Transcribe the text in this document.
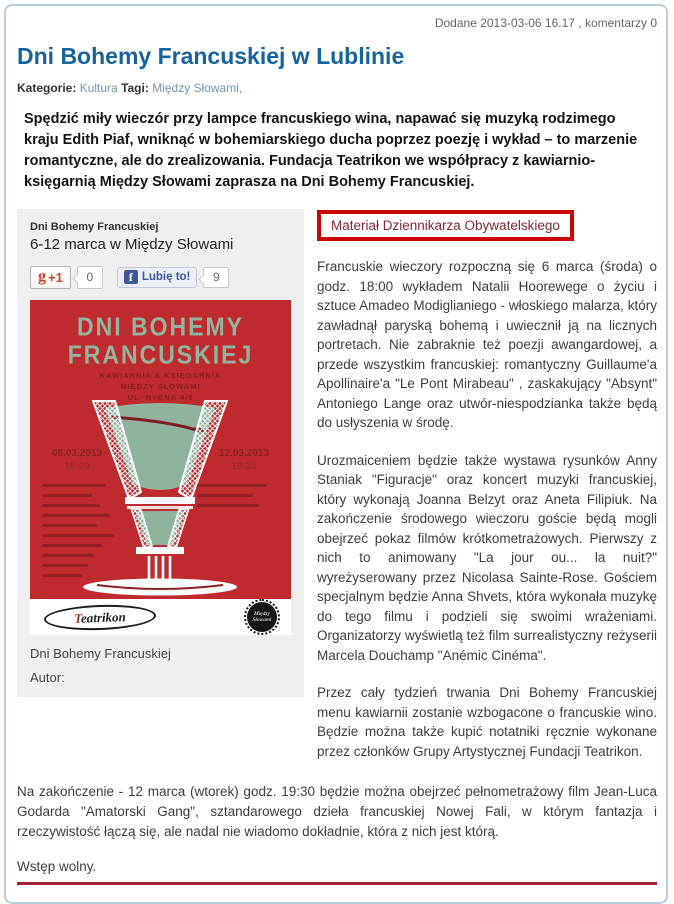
Dodane 2013-03-06 16.17 , komentarzy 0
Dni Bohemy Francuskiej w Lublinie
Kategorie: Kultura Tagi: Między Słowami,

Spędzić miły wieczór przy lampce francuskiego wina, napawać się muzyką rodzimego kraju Edith Piaf, wniknąć w bohemiarskiego ducha poprzez poezję i wykład – to marzenie romantyczne, ale do zrealizowania. Fundacja Teatrikon we współpracy z kawiarnio-księgarnią Między Słowami zaprasza na Dni Bohemy Francuskiej.

Dni Bohemy Francuskiej
6-12 marca w Między Słowami
g +1	0	f Lubię to!	9
DNI BOHEMY
FRANCUSKIEJ
KAWIARNIA & KSIĘGARNIA
MIĘDZY SŁOWAMI
UL. RYBNA 4/5
06.03.2013
18:00
12.03.2013
19:30
Teatrikon	Między Słowami
Dni Bohemy Francuskiej
Autor:
Materiał Dziennikarza Obywatelskiego

Francuskie wieczory rozpoczną się 6 marca (środa) o godz. 18:00 wykładem Natalii Hoorewege o życiu i sztuce Amadeo Modiglianiego - włoskiego malarza, który zawładnął paryską bohemą i uwiecznił ją na licznych portretach. Nie zabraknie też poezji awangardowej, a przede wszystkim francuskiej: romantyczny Guillaume'a Apollinaire'a "Le Pont Mirabeau" , zaskakujący "Absynt" Antoniego Lange oraz utwór-niespodzianka także będą do usłyszenia w środę.

Urozmaiceniem będzie także wystawa rysunków Anny Staniak "Figuracje" oraz koncert muzyki francuskiej, który wykonają Joanna Belzyt oraz Aneta Filipiuk. Na zakończenie środowego wieczoru goście będą mogli obejrzeć pokaz filmów krótkometrażowych. Pierwszy z nich to animowany "La jour ou... la nuit?" wyreżyserowany przez Nicolasa Sainte-Rose. Gościem specjalnym będzie Anna Shvets, która wykonała muzykę do tego filmu i podzieli się swoimi wrażeniami. Organizatorzy wyświetlą też film surrealistyczny reżyserii Marcela Douchamp "Anémic Cinéma".

Przez cały tydzień trwania Dni Bohemy Francuskiej menu kawiarnii zostanie wzbogacone o francuskie wino. Będzie można także kupić notatniki ręcznie wykonane przez członków Grupy Artystycznej Fundacji Teatrikon.

Na zakończenie - 12 marca (wtorek) godz. 19:30 będzie można obejrzeć pełnometrażowy film Jean-Luca Godarda "Amatorski Gang", sztandarowego dzieła francuskiej Nowej Fali, w którym fantazja i rzeczywistość łączą się, ale nadal nie wiadomo dokładnie, która z nich jest którą.

Wstęp wolny.
